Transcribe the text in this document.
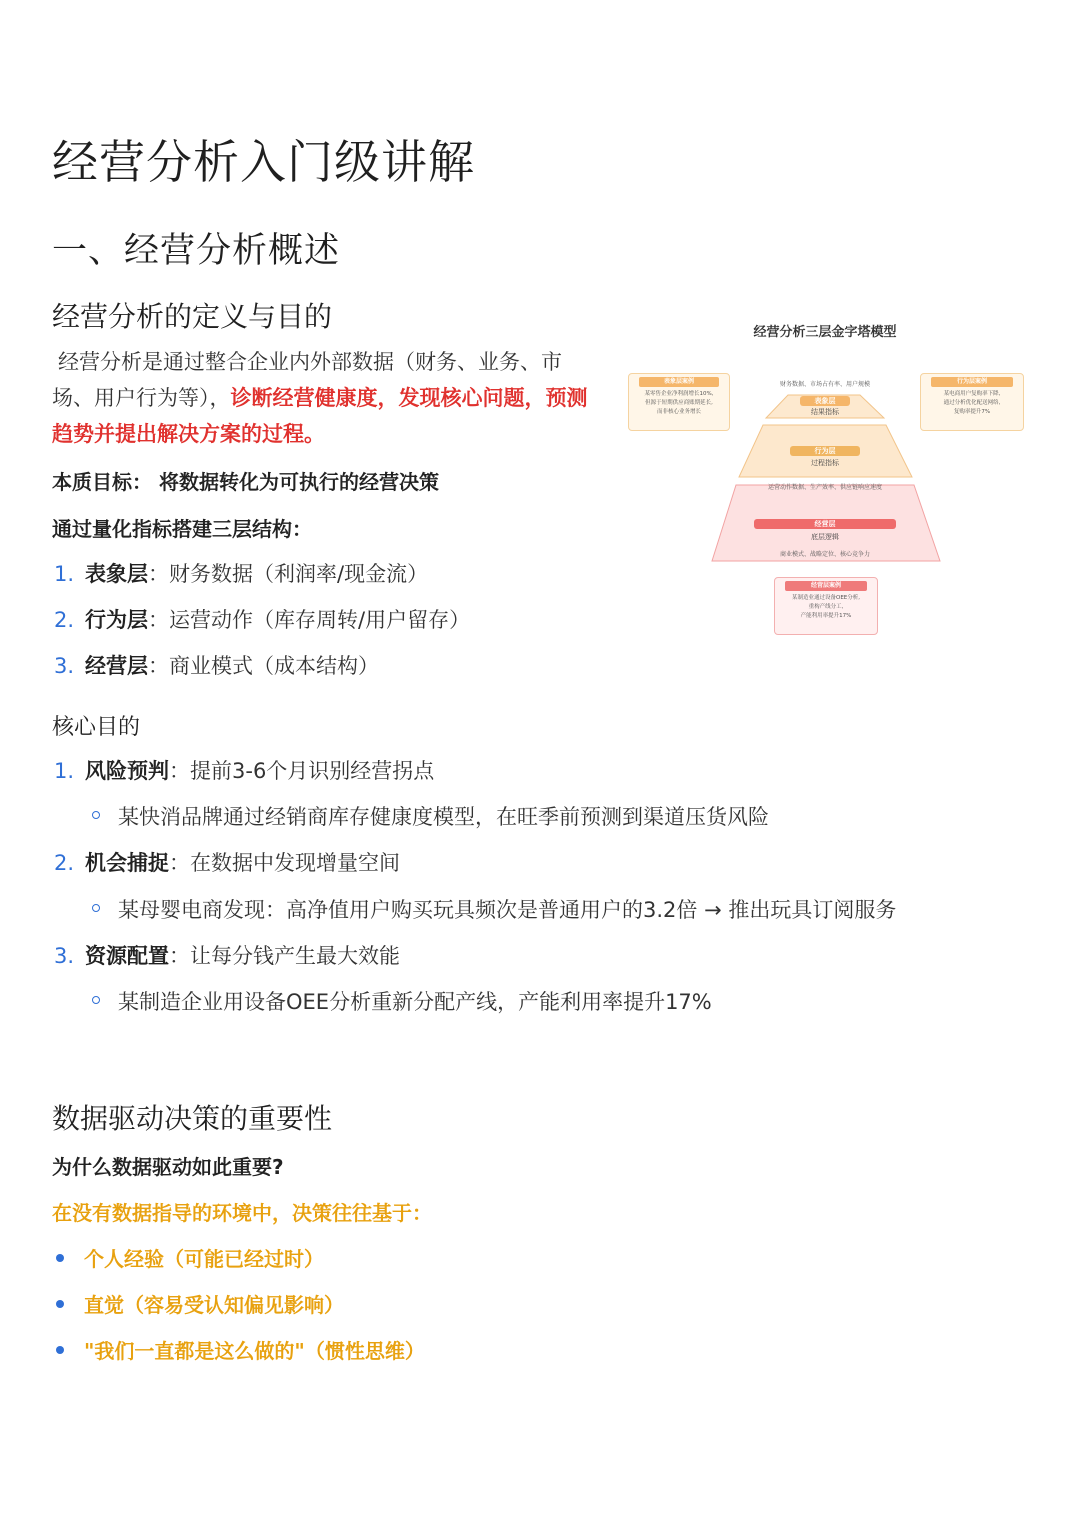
经营分析入门级讲解
一、经营分析概述
经营分析的定义与目的
经营分析是通过整合企业内外部数据（财务、业务、市场、用户行为等），诊断经营健康度，发现核心问题，预测趋势并提出解决方案的过程。
本质目标： 将数据转化为可执行的经营决策
通过量化指标搭建三层结构：
1. 表象层：财务数据（利润率/现金流）
2. 行为层：运营动作（库存周转/用户留存）
3. 经营层：商业模式（成本结构）
核心目的
1. 风险预判：提前3-6个月识别经营拐点
某快消品牌通过经销商库存健康度模型，在旺季前预测到渠道压货风险
2. 机会捕捉：在数据中发现增量空间
某母婴电商发现：高净值用户购买玩具频次是普通用户的3.2倍 → 推出玩具订阅服务
3. 资源配置：让每分钱产生最大效能
某制造企业用设备OEE分析重新分配产线，产能利用率提升17%
数据驱动决策的重要性
为什么数据驱动如此重要?
在没有数据指导的环境中，决策往往基于：
个人经验（可能已经过时）
直觉（容易受认知偏见影响）
"我们一直都是这么做的"（惯性思维）
经营分析三层金字塔模型
财务数据、市场占有率、用户规模
表象层
结果指标
行为层
过程指标
运营动作数据、生产效率、供应链响应速度
经营层
底层逻辑
商业模式、战略定位、核心竞争力
表象层案例
某零售企业净利润增长10%,
但源于短期供应商账期延长,
而非核心业务增长
行为层案例
某电商用户复购率下降,
通过分析优化配送网络,
复购率提升7%
经营层案例
某制造业通过设备OEE分析,
重构产线分工,
产能利用率提升17%
